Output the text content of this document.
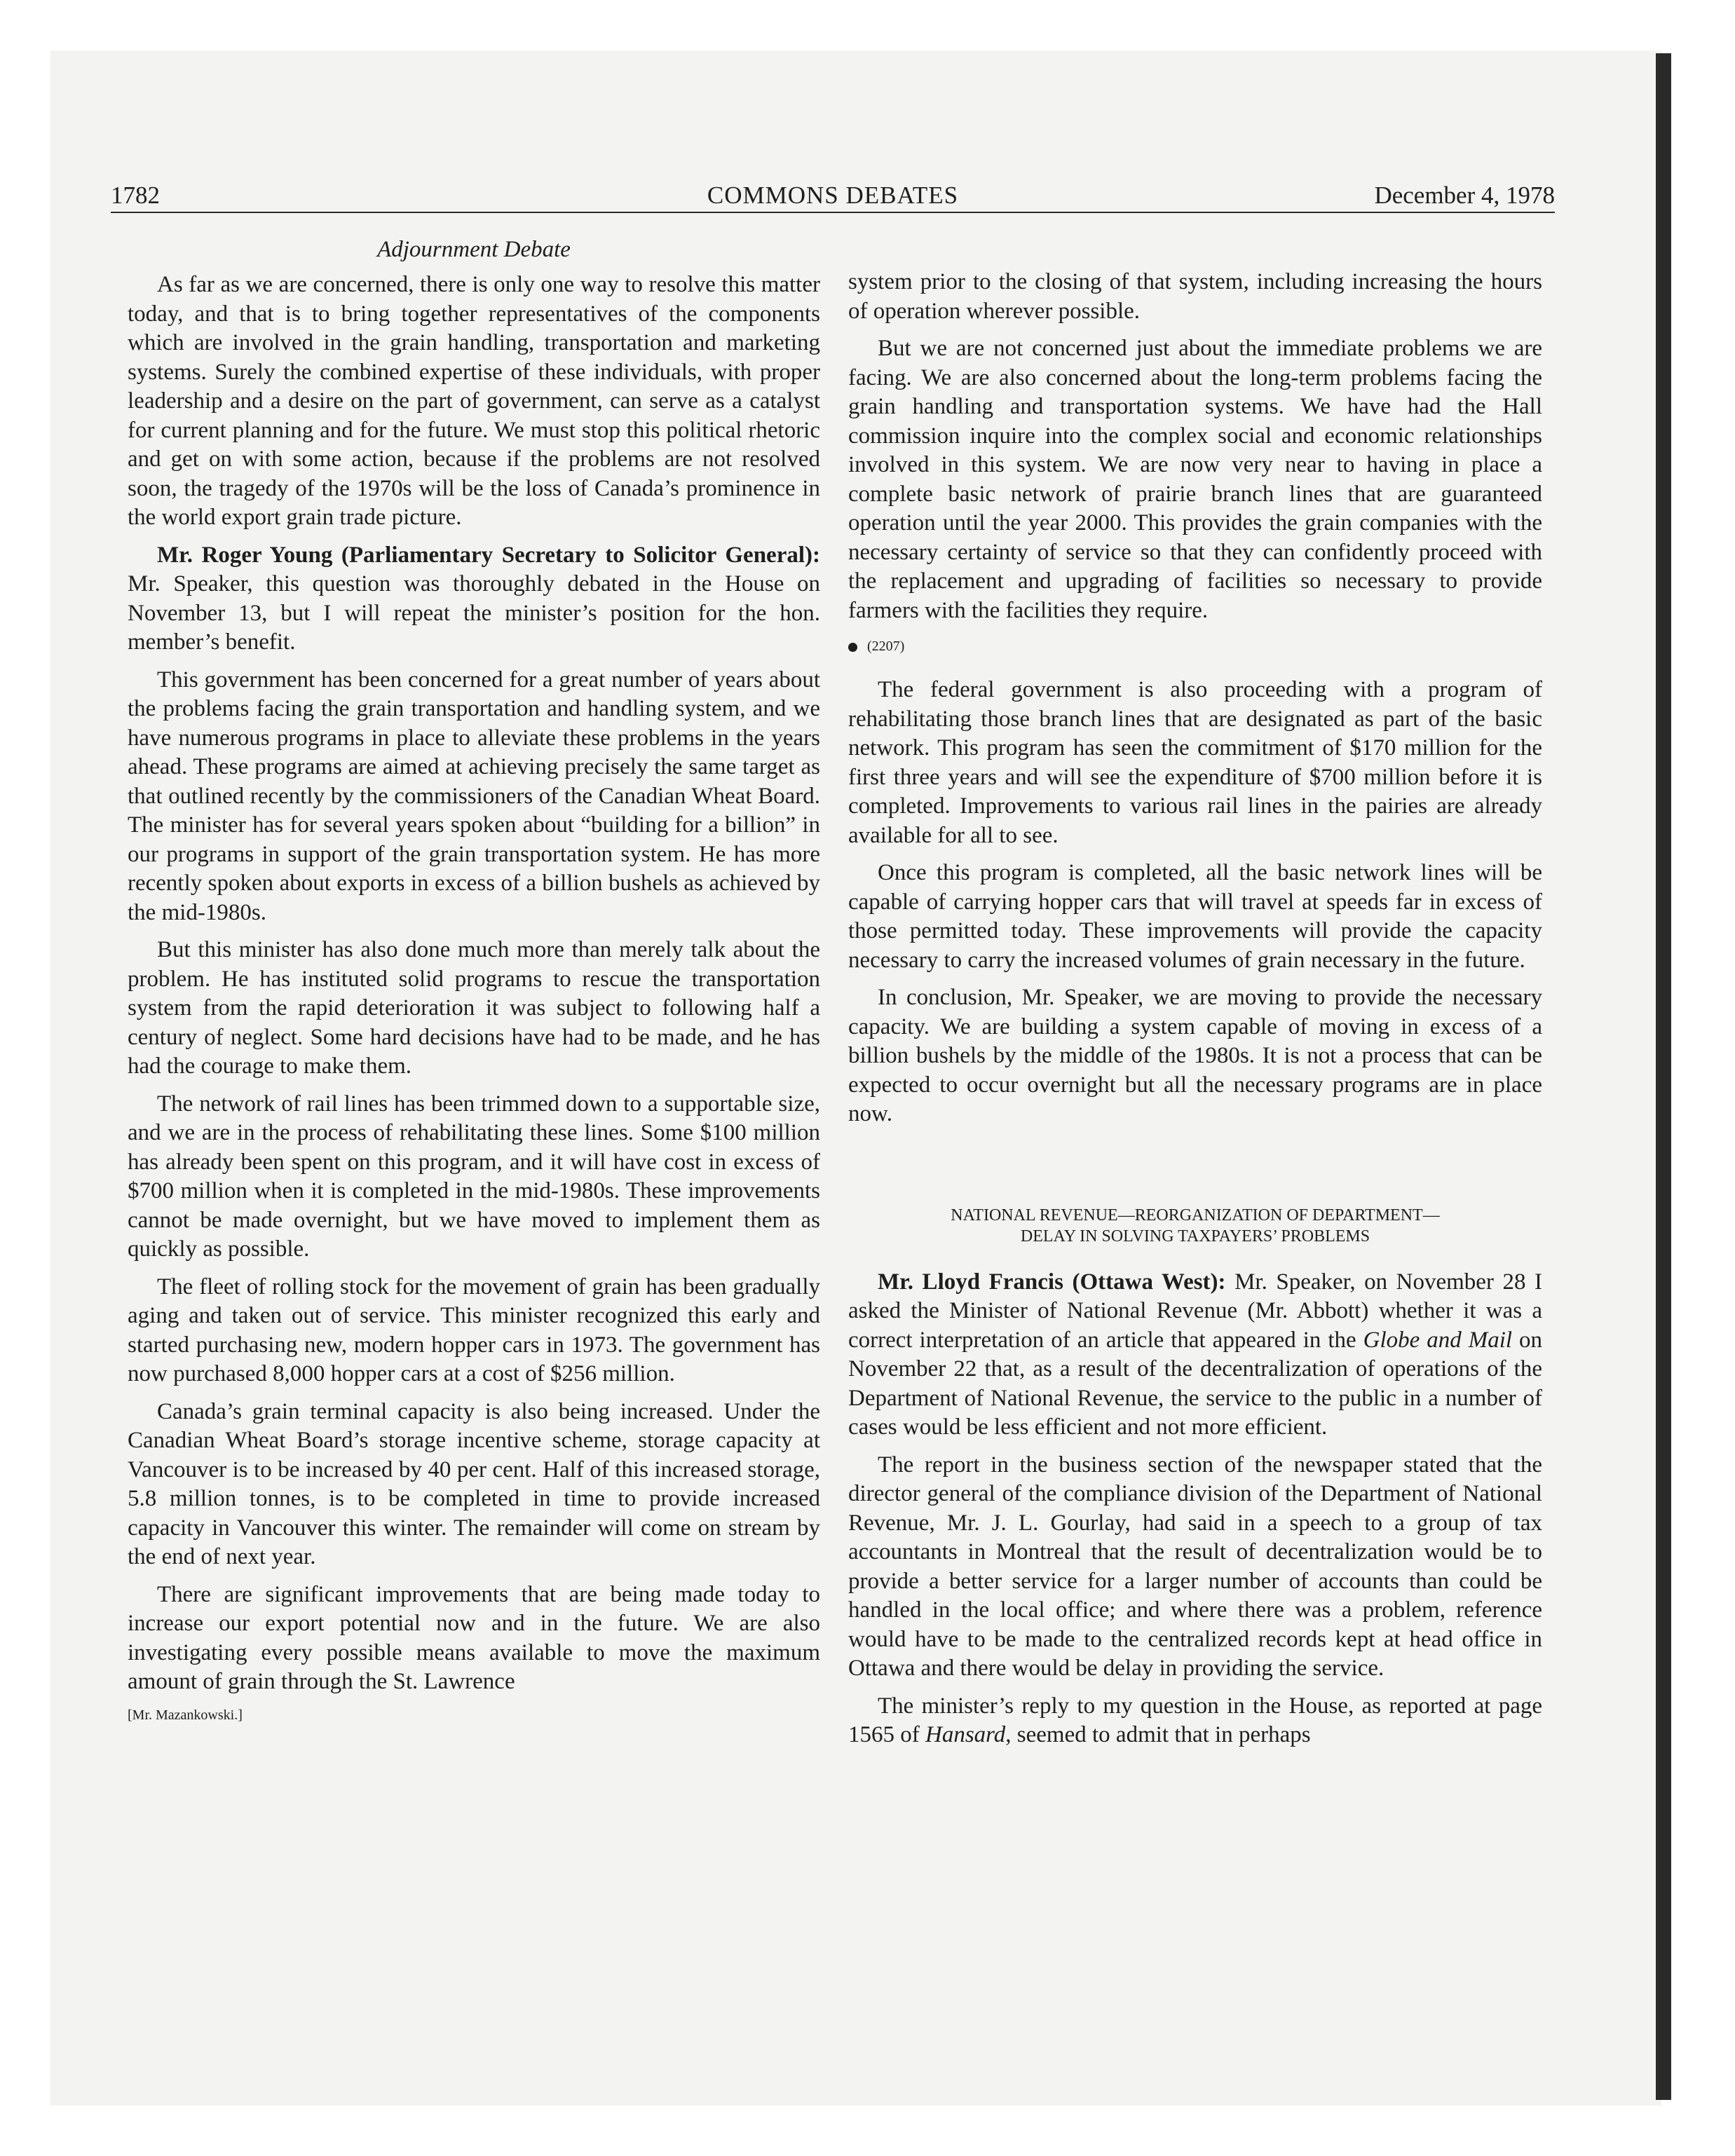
1782	COMMONS DEBATES	December 4, 1978
Adjournment Debate

As far as we are concerned, there is only one way to resolve this matter today, and that is to bring together representatives of the components which are involved in the grain handling, transportation and marketing systems. Surely the combined expertise of these individuals, with proper leadership and a desire on the part of government, can serve as a catalyst for current planning and for the future. We must stop this political rhetoric and get on with some action, because if the problems are not resolved soon, the tragedy of the 1970s will be the loss of Canada’s prominence in the world export grain trade picture.

Mr. Roger Young (Parliamentary Secretary to Solicitor General): Mr. Speaker, this question was thoroughly debated in the House on November 13, but I will repeat the minister’s position for the hon. member’s benefit.

This government has been concerned for a great number of years about the problems facing the grain transportation and handling system, and we have numerous programs in place to alleviate these problems in the years ahead. These programs are aimed at achieving precisely the same target as that outlined recently by the commissioners of the Canadian Wheat Board. The minister has for several years spoken about “building for a billion” in our programs in support of the grain transportation system. He has more recently spoken about exports in excess of a billion bushels as achieved by the mid-1980s.

But this minister has also done much more than merely talk about the problem. He has instituted solid programs to rescue the transportation system from the rapid deterioration it was subject to following half a century of neglect. Some hard decisions have had to be made, and he has had the courage to make them.

The network of rail lines has been trimmed down to a supportable size, and we are in the process of rehabilitating these lines. Some $100 million has already been spent on this program, and it will have cost in excess of $700 million when it is completed in the mid-1980s. These improvements cannot be made overnight, but we have moved to implement them as quickly as possible.

The fleet of rolling stock for the movement of grain has been gradually aging and taken out of service. This minister recognized this early and started purchasing new, modern hopper cars in 1973. The government has now purchased 8,000 hopper cars at a cost of $256 million.

Canada’s grain terminal capacity is also being increased. Under the Canadian Wheat Board’s storage incentive scheme, storage capacity at Vancouver is to be increased by 40 per cent. Half of this increased storage, 5.8 million tonnes, is to be completed in time to provide increased capacity in Vancouver this winter. The remainder will come on stream by the end of next year.

There are significant improvements that are being made today to increase our export potential now and in the future. We are also investigating every possible means available to move the maximum amount of grain through the St. Lawrence

[Mr. Mazankowski.]

system prior to the closing of that system, including increasing the hours of operation wherever possible.

But we are not concerned just about the immediate problems we are facing. We are also concerned about the long-term problems facing the grain handling and transportation systems. We have had the Hall commission inquire into the complex social and economic relationships involved in this system. We are now very near to having in place a complete basic network of prairie branch lines that are guaranteed operation until the year 2000. This provides the grain companies with the necessary certainty of service so that they can confidently proceed with the replacement and upgrading of facilities so necessary to provide farmers with the facilities they require.

(2207)

The federal government is also proceeding with a program of rehabilitating those branch lines that are designated as part of the basic network. This program has seen the commitment of $170 million for the first three years and will see the expenditure of $700 million before it is completed. Improvements to various rail lines in the pairies are already available for all to see.

Once this program is completed, all the basic network lines will be capable of carrying hopper cars that will travel at speeds far in excess of those permitted today. These improvements will provide the capacity necessary to carry the increased volumes of grain necessary in the future.

In conclusion, Mr. Speaker, we are moving to provide the necessary capacity. We are building a system capable of moving in excess of a billion bushels by the middle of the 1980s. It is not a process that can be expected to occur overnight but all the necessary programs are in place now.

NATIONAL REVENUE—REORGANIZATION OF DEPARTMENT—
DELAY IN SOLVING TAXPAYERS’ PROBLEMS

Mr. Lloyd Francis (Ottawa West): Mr. Speaker, on November 28 I asked the Minister of National Revenue (Mr. Abbott) whether it was a correct interpretation of an article that appeared in the Globe and Mail on November 22 that, as a result of the decentralization of operations of the Department of National Revenue, the service to the public in a number of cases would be less efficient and not more efficient.

The report in the business section of the newspaper stated that the director general of the compliance division of the Department of National Revenue, Mr. J. L. Gourlay, had said in a speech to a group of tax accountants in Montreal that the result of decentralization would be to provide a better service for a larger number of accounts than could be handled in the local office; and where there was a problem, reference would have to be made to the centralized records kept at head office in Ottawa and there would be delay in providing the service.

The minister’s reply to my question in the House, as reported at page 1565 of Hansard, seemed to admit that in perhaps
